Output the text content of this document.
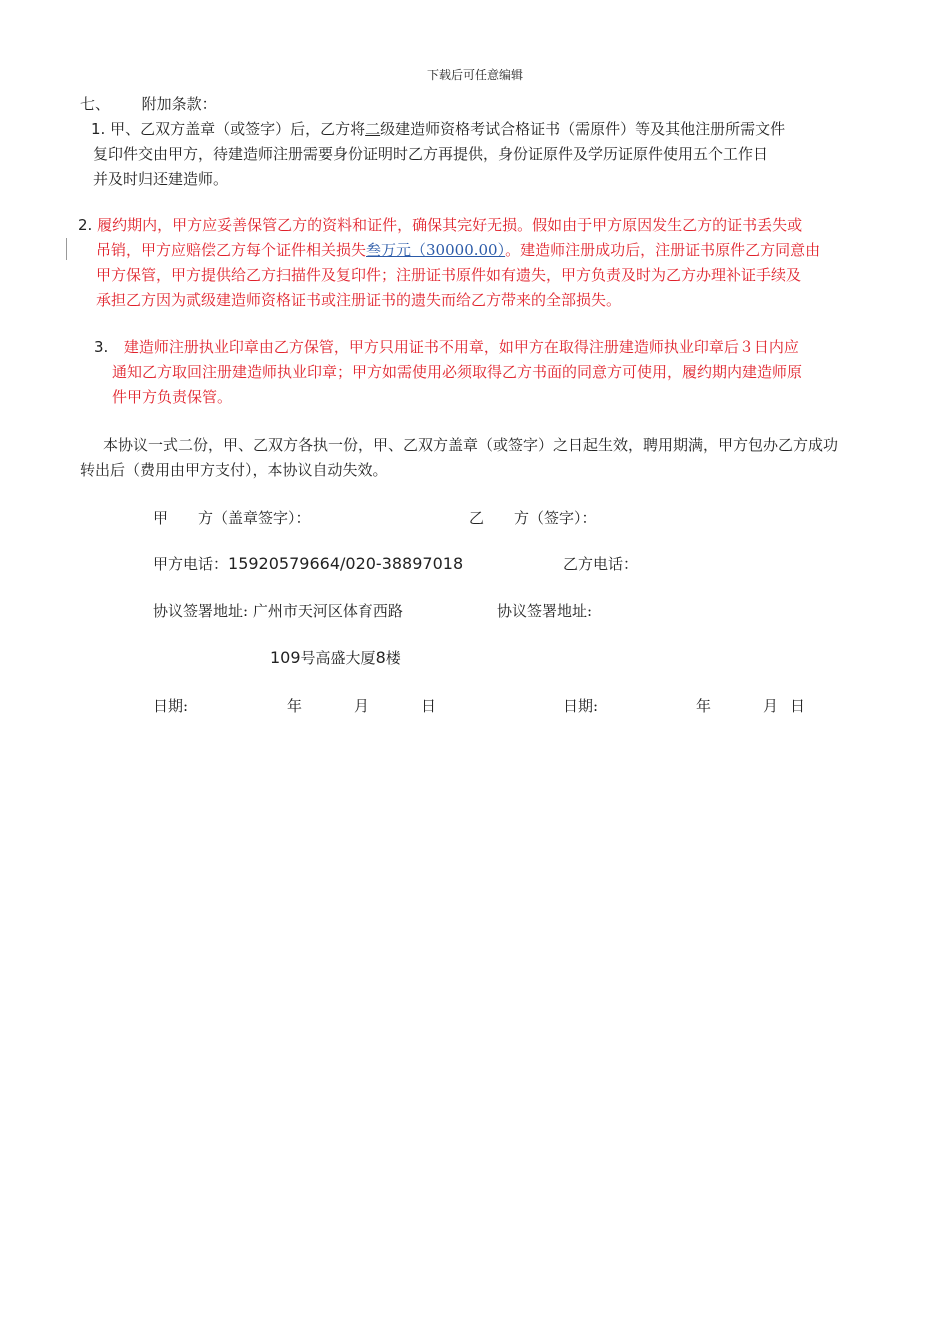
下载后可任意编辑
七、 附加条款：
1. 甲、乙双方盖章（或签字）后，乙方将二级建造师资格考试合格证书（需原件）等及其他注册所需文件
复印件交由甲方，待建造师注册需要身份证明时乙方再提供，身份证原件及学历证原件使用五个工作日
并及时归还建造师。
2. 履约期内，甲方应妥善保管乙方的资料和证件，确保其完好无损。假如由于甲方原因发生乙方的证书丢失或
吊销，甲方应赔偿乙方每个证件相关损失叁万元（30000.00）。建造师注册成功后，注册证书原件乙方同意由
甲方保管，甲方提供给乙方扫描件及复印件；注册证书原件如有遗失，甲方负责及时为乙方办理补证手续及
承担乙方因为贰级建造师资格证书或注册证书的遗失而给乙方带来的全部损失。
3. 建造师注册执业印章由乙方保管，甲方只用证书不用章，如甲方在取得注册建造师执业印章后３日内应
通知乙方取回注册建造师执业印章；甲方如需使用必须取得乙方书面的同意方可使用，履约期内建造师原
件甲方负责保管。
本协议一式二份，甲、乙双方各执一份，甲、乙双方盖章（或签字）之日起生效，聘用期满，甲方包办乙方成功
转出后（费用由甲方支付），本协议自动失效。
甲　　方（盖章签字）：	乙　　方（签字）：
甲方电话：15920579664/020-38897018	乙方电话：
协议签署地址: 广州市天河区体育西路	协议签署地址:
109号高盛大厦8楼
日期:	年	月	日	日期:	年	月 日
